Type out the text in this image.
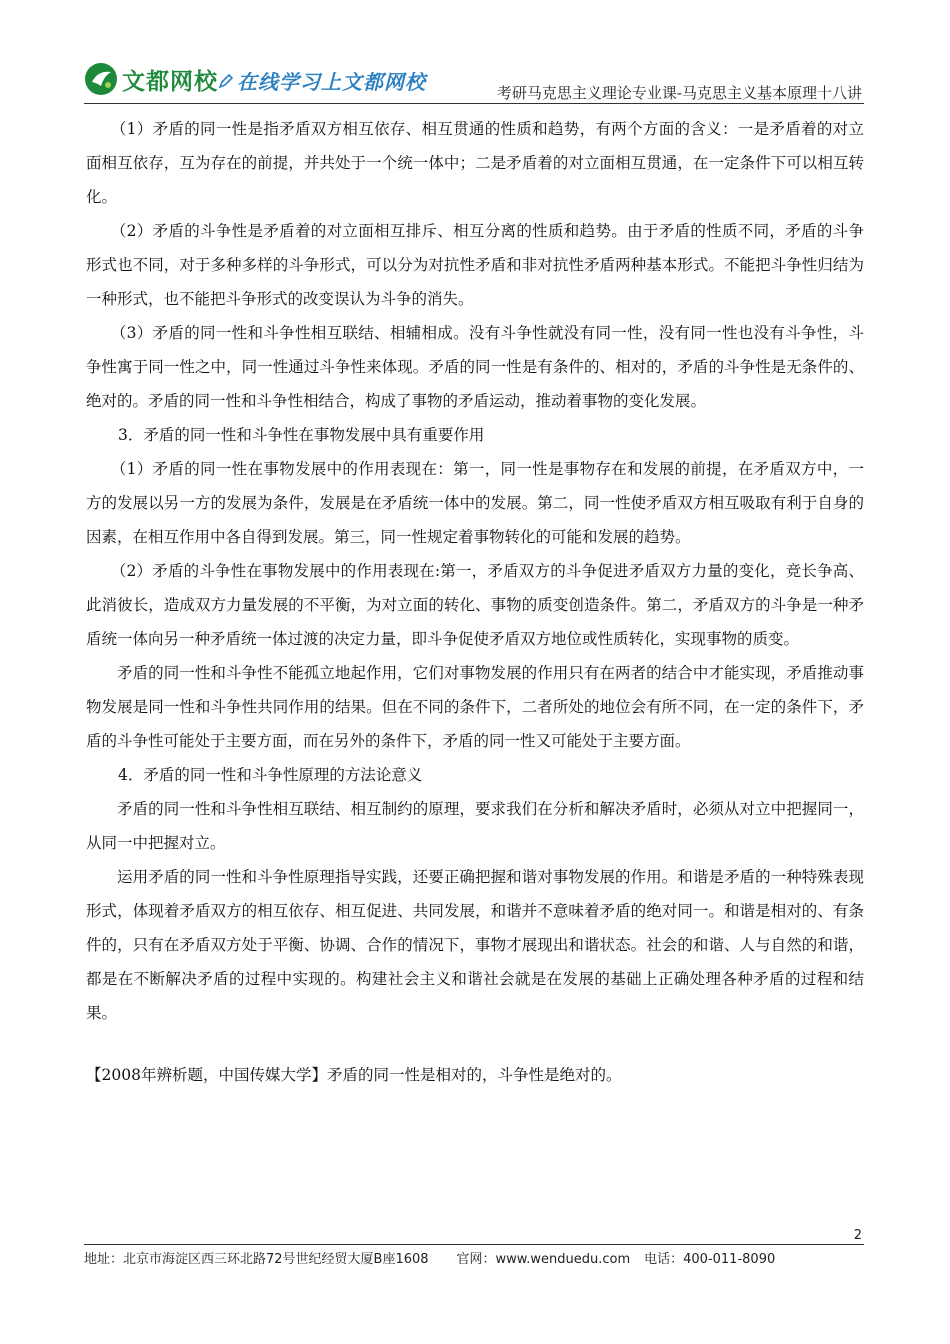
文都网校 在线学习上文都网校	考研马克思主义理论专业课-马克思主义基本原理十八讲

（1）矛盾的同一性是指矛盾双方相互依存、相互贯通的性质和趋势，有两个方面的含义：一是矛盾着的对立面相互依存，互为存在的前提，并共处于一个统一体中；二是矛盾着的对立面相互贯通，在一定条件下可以相互转化。

（2）矛盾的斗争性是矛盾着的对立面相互排斥、相互分离的性质和趋势。由于矛盾的性质不同，矛盾的斗争形式也不同，对于多种多样的斗争形式，可以分为对抗性矛盾和非对抗性矛盾两种基本形式。不能把斗争性归结为一种形式，也不能把斗争形式的改变误认为斗争的消失。

（3）矛盾的同一性和斗争性相互联结、相辅相成。没有斗争性就没有同一性，没有同一性也没有斗争性，斗争性寓于同一性之中，同一性通过斗争性来体现。矛盾的同一性是有条件的、相对的，矛盾的斗争性是无条件的、绝对的。矛盾的同一性和斗争性相结合，构成了事物的矛盾运动，推动着事物的变化发展。

3．矛盾的同一性和斗争性在事物发展中具有重要作用

（1）矛盾的同一性在事物发展中的作用表现在：第一，同一性是事物存在和发展的前提，在矛盾双方中，一方的发展以另一方的发展为条件，发展是在矛盾统一体中的发展。第二，同一性使矛盾双方相互吸取有利于自身的因素，在相互作用中各自得到发展。第三，同一性规定着事物转化的可能和发展的趋势。

（2）矛盾的斗争性在事物发展中的作用表现在:第一，矛盾双方的斗争促进矛盾双方力量的变化，竞长争高、此消彼长，造成双方力量发展的不平衡，为对立面的转化、事物的质变创造条件。第二，矛盾双方的斗争是一种矛盾统一体向另一种矛盾统一体过渡的决定力量，即斗争促使矛盾双方地位或性质转化，实现事物的质变。

矛盾的同一性和斗争性不能孤立地起作用，它们对事物发展的作用只有在两者的结合中才能实现，矛盾推动事物发展是同一性和斗争性共同作用的结果。但在不同的条件下，二者所处的地位会有所不同，在一定的条件下，矛盾的斗争性可能处于主要方面，而在另外的条件下，矛盾的同一性又可能处于主要方面。

4．矛盾的同一性和斗争性原理的方法论意义

矛盾的同一性和斗争性相互联结、相互制约的原理，要求我们在分析和解决矛盾时，必须从对立中把握同一，从同一中把握对立。

运用矛盾的同一性和斗争性原理指导实践，还要正确把握和谐对事物发展的作用。和谐是矛盾的一种特殊表现形式，体现着矛盾双方的相互依存、相互促进、共同发展，和谐并不意味着矛盾的绝对同一。和谐是相对的、有条件的，只有在矛盾双方处于平衡、协调、合作的情况下，事物才展现出和谐状态。社会的和谐、人与自然的和谐，都是在不断解决矛盾的过程中实现的。构建社会主义和谐社会就是在发展的基础上正确处理各种矛盾的过程和结果。

【2008年辨析题，中国传媒大学】矛盾的同一性是相对的，斗争性是绝对的。

2
地址：北京市海淀区西三环北路72号世纪经贸大厦B座1608 官网：www.wenduedu.com 电话：400-011-8090
